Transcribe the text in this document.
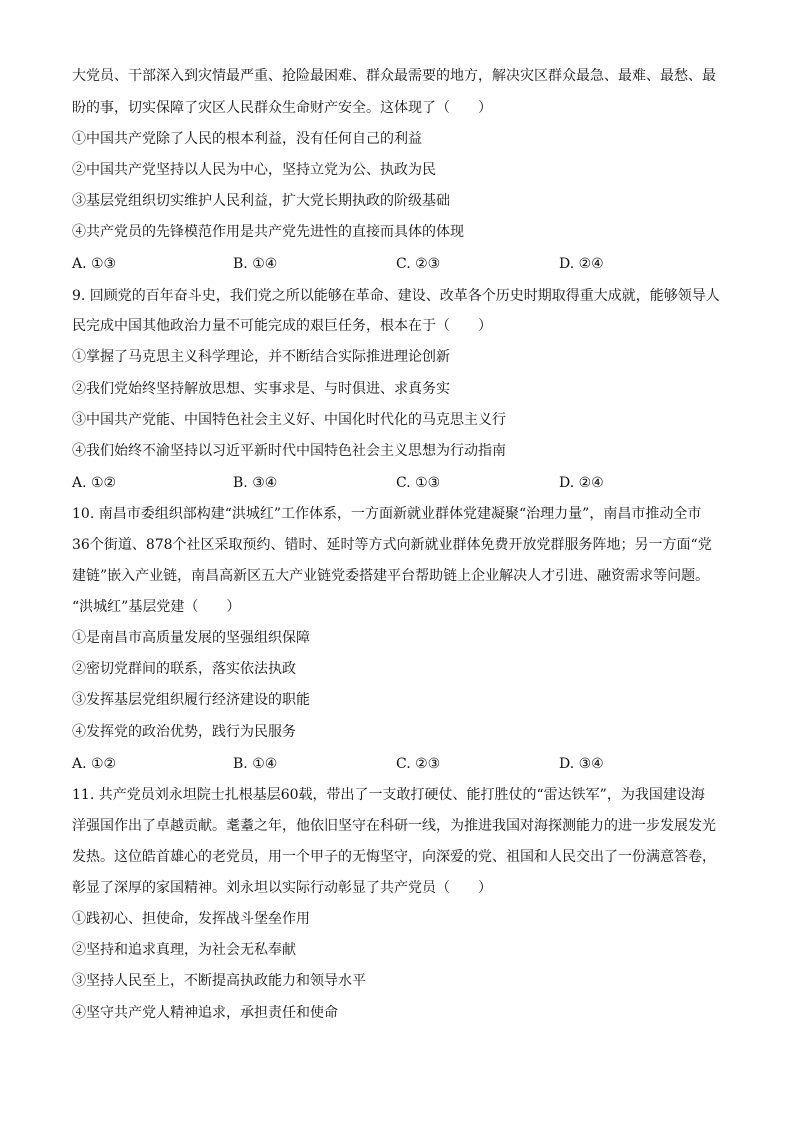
大党员、干部深入到灾情最严重、抢险最困难、群众最需要的地方，解决灾区群众最急、最难、最愁、最
盼的事，切实保障了灾区人民群众生命财产安全。这体现了（　　）
①中国共产党除了人民的根本利益，没有任何自己的利益
②中国共产党坚持以人民为中心，坚持立党为公、执政为民
③基层党组织切实维护人民利益，扩大党长期执政的阶级基础
④共产党员的先锋模范作用是共产党先进性的直接而具体的体现
A. ①③	B. ①④	C. ②③	D. ②④
9. 回顾党的百年奋斗史，我们党之所以能够在革命、建设、改革各个历史时期取得重大成就，能够领导人
民完成中国其他政治力量不可能完成的艰巨任务，根本在于（　　）
①掌握了马克思主义科学理论，并不断结合实际推进理论创新
②我们党始终坚持解放思想、实事求是、与时俱进、求真务实
③中国共产党能、中国特色社会主义好、中国化时代化的马克思主义行
④我们始终不渝坚持以习近平新时代中国特色社会主义思想为行动指南
A. ①②	B. ③④	C. ①③	D. ②④
10. 南昌市委组织部构建“洪城红”工作体系，一方面新就业群体党建凝聚“治理力量”，南昌市推动全市
36个街道、878个社区采取预约、错时、延时等方式向新就业群体免费开放党群服务阵地；另一方面“党
建链”嵌入产业链，南昌高新区五大产业链党委搭建平台帮助链上企业解决人才引进、融资需求等问题。
“洪城红”基层党建（　　）
①是南昌市高质量发展的坚强组织保障
②密切党群间的联系，落实依法执政
③发挥基层党组织履行经济建设的职能
④发挥党的政治优势，践行为民服务
A. ①②	B. ①④	C. ②③	D. ③④
11. 共产党员刘永坦院士扎根基层60载，带出了一支敢打硬仗、能打胜仗的“雷达铁军”，为我国建设海
洋强国作出了卓越贡献。耄耋之年，他依旧坚守在科研一线，为推进我国对海探测能力的进一步发展发光
发热。这位皓首雄心的老党员，用一个甲子的无悔坚守，向深爱的党、祖国和人民交出了一份满意答卷，
彰显了深厚的家国精神。刘永坦以实际行动彰显了共产党员（　　）
①践初心、担使命，发挥战斗堡垒作用
②坚持和追求真理，为社会无私奉献
③坚持人民至上，不断提高执政能力和领导水平
④坚守共产党人精神追求，承担责任和使命
